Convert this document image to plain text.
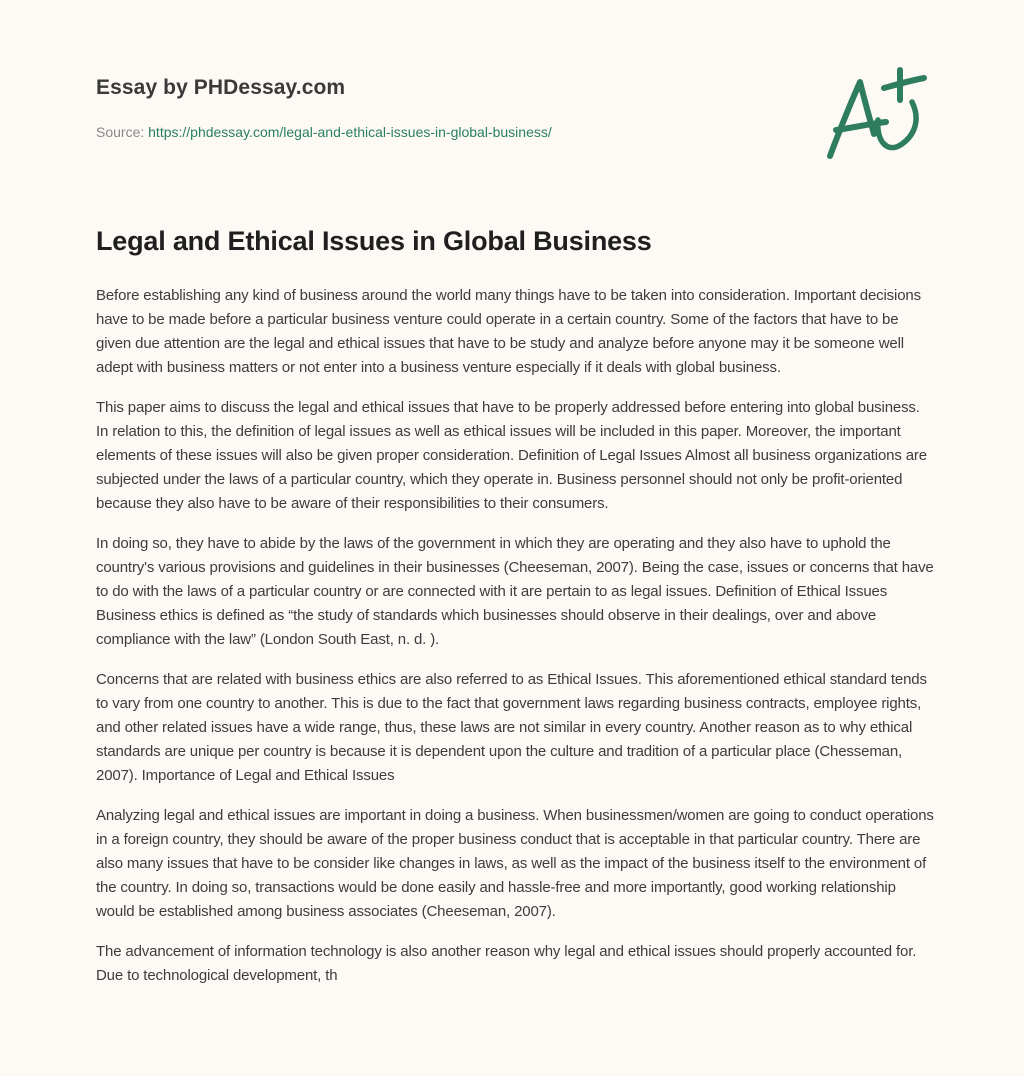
Essay by PHDessay.com

Source: https://phdessay.com/legal-and-ethical-issues-in-global-business/

Legal and Ethical Issues in Global Business

Before establishing any kind of business around the world many things have to be taken into consideration. Important decisions have to be made before a particular business venture could operate in a certain country. Some of the factors that have to be given due attention are the legal and ethical issues that have to be study and analyze before anyone may it be someone well adept with business matters or not enter into a business venture especially if it deals with global business.

This paper aims to discuss the legal and ethical issues that have to be properly addressed before entering into global business. In relation to this, the definition of legal issues as well as ethical issues will be included in this paper. Moreover, the important elements of these issues will also be given proper consideration. Definition of Legal Issues Almost all business organizations are subjected under the laws of a particular country, which they operate in. Business personnel should not only be profit-oriented because they also have to be aware of their responsibilities to their consumers.

In doing so, they have to abide by the laws of the government in which they are operating and they also have to uphold the country's various provisions and guidelines in their businesses (Cheeseman, 2007). Being the case, issues or concerns that have to do with the laws of a particular country or are connected with it are pertain to as legal issues. Definition of Ethical Issues Business ethics is defined as “the study of standards which businesses should observe in their dealings, over and above compliance with the law” (London South East, n. d. ).

Concerns that are related with business ethics are also referred to as Ethical Issues. This aforementioned ethical standard tends to vary from one country to another. This is due to the fact that government laws regarding business contracts, employee rights, and other related issues have a wide range, thus, these laws are not similar in every country. Another reason as to why ethical standards are unique per country is because it is dependent upon the culture and tradition of a particular place (Chesseman, 2007). Importance of Legal and Ethical Issues

Analyzing legal and ethical issues are important in doing a business. When businessmen/women are going to conduct operations in a foreign country, they should be aware of the proper business conduct that is acceptable in that particular country. There are also many issues that have to be consider like changes in laws, as well as the impact of the business itself to the environment of the country. In doing so, transactions would be done easily and hassle-free and more importantly, good working relationship would be established among business associates (Cheeseman, 2007).

The advancement of information technology is also another reason why legal and ethical issues should properly accounted for. Due to technological development, th
